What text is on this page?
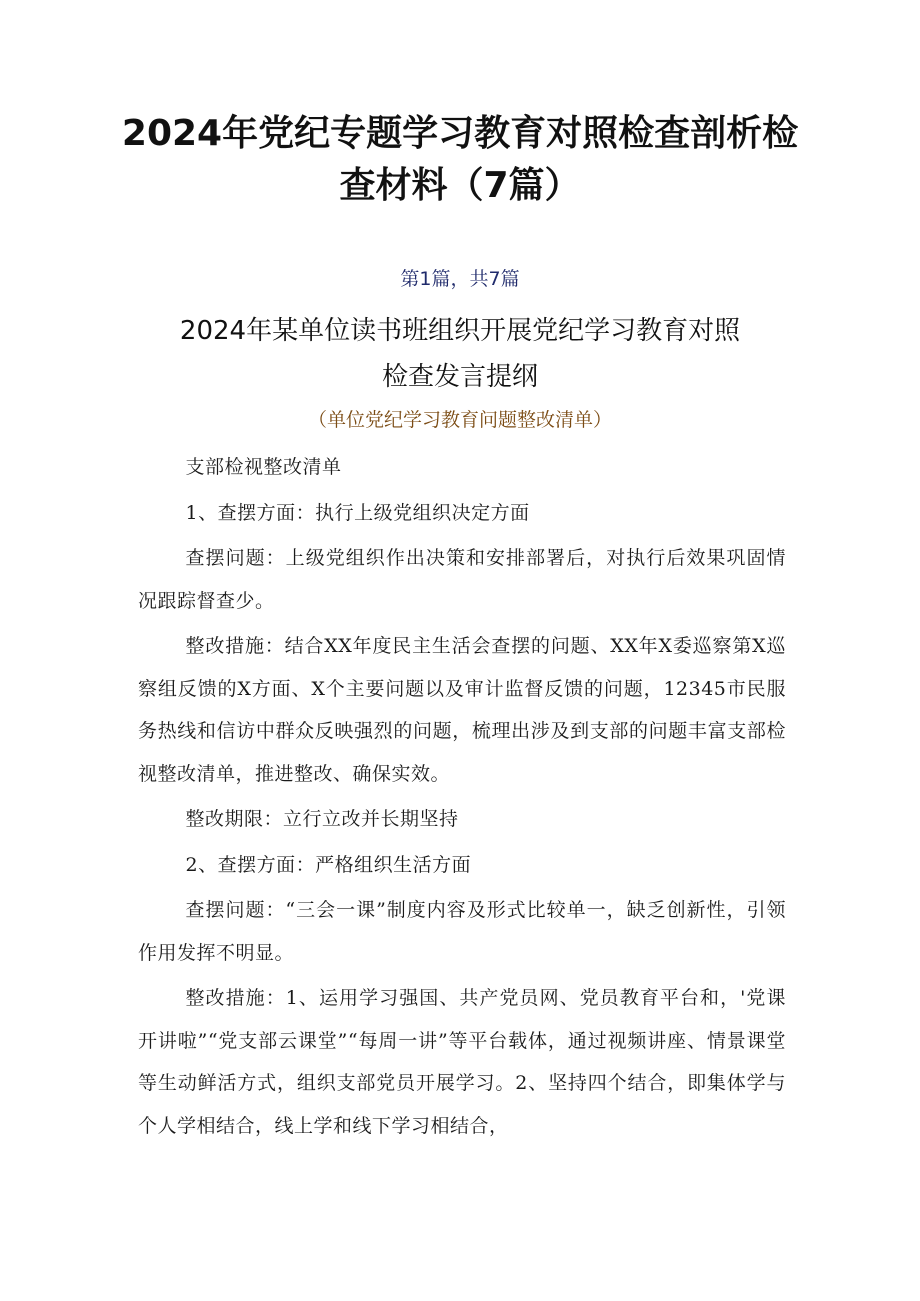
2024年党纪专题学习教育对照检查剖析检查材料（7篇）
第1篇，共7篇
2024年某单位读书班组织开展党纪学习教育对照检查发言提纲
（单位党纪学习教育问题整改清单）

支部检视整改清单

1、查摆方面：执行上级党组织决定方面

查摆问题：上级党组织作出决策和安排部署后，对执行后效果巩固情况跟踪督查少。

整改措施：结合XX年度民主生活会查摆的问题、XX年X委巡察第X巡察组反馈的X方面、X个主要问题以及审计监督反馈的问题，12345市民服务热线和信访中群众反映强烈的问题，梳理出涉及到支部的问题丰富支部检视整改清单，推进整改、确保实效。

整改期限：立行立改并长期坚持

2、查摆方面：严格组织生活方面

查摆问题：“三会一课”制度内容及形式比较单一，缺乏创新性，引领作用发挥不明显。

整改措施：1、运用学习强国、共产党员网、党员教育平台和，'党课开讲啦”“党支部云课堂”“每周一讲”等平台载体，通过视频讲座、情景课堂等生动鲜活方式，组织支部党员开展学习。2、坚持四个结合，即集体学与个人学相结合，线上学和线下学习相结合，
